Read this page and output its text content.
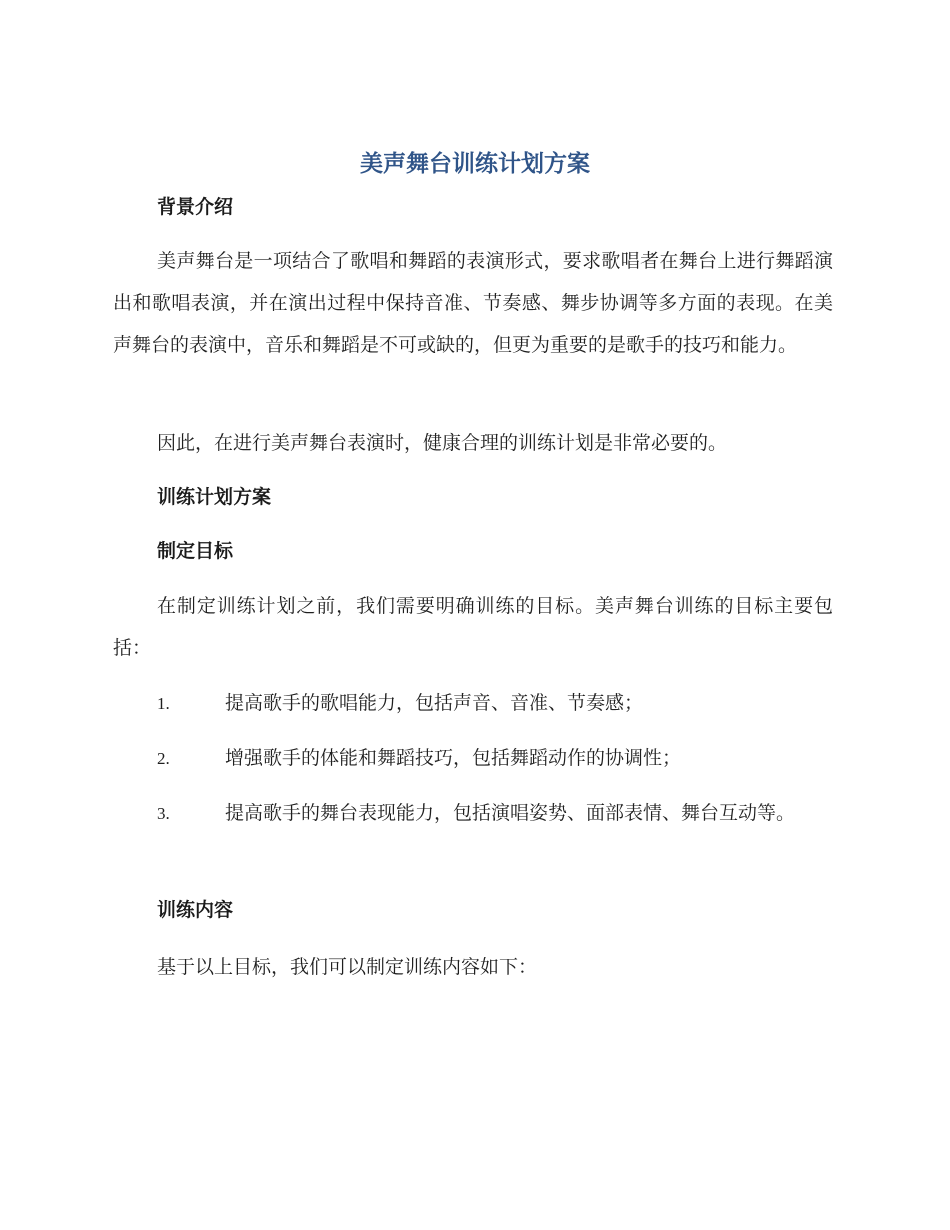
美声舞台训练计划方案
背景介绍

美声舞台是一项结合了歌唱和舞蹈的表演形式，要求歌唱者在舞台上进行舞蹈演出和歌唱表演，并在演出过程中保持音准、节奏感、舞步协调等多方面的表现。在美声舞台的表演中，音乐和舞蹈是不可或缺的，但更为重要的是歌手的技巧和能力。

因此，在进行美声舞台表演时，健康合理的训练计划是非常必要的。

训练计划方案
制定目标

在制定训练计划之前，我们需要明确训练的目标。美声舞台训练的目标主要包括：

1.	提高歌手的歌唱能力，包括声音、音准、节奏感；

2.	增强歌手的体能和舞蹈技巧，包括舞蹈动作的协调性；

3.	提高歌手的舞台表现能力，包括演唱姿势、面部表情、舞台互动等。

训练内容

基于以上目标，我们可以制定训练内容如下：
